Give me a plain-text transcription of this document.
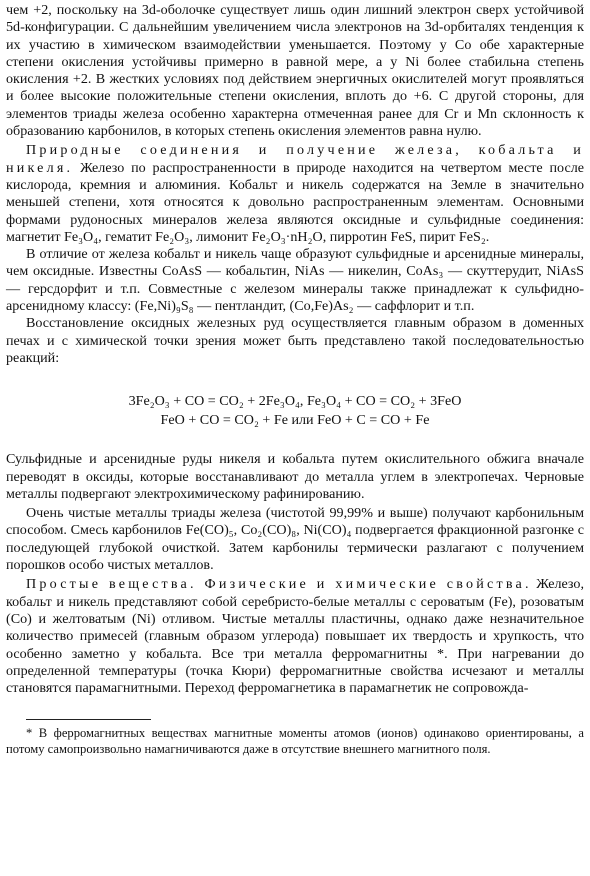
чем +2, поскольку на 3d-оболочке существует лишь один лишний электрон сверх устойчивой 5d-конфигурации. С дальнейшим увеличением числа электронов на 3d-орбиталях тенденция к их участию в химическом взаимодействии уменьшается. Поэтому у Co обе характерные степени окисления устойчивы примерно в равной мере, а у Ni более стабильна степень окисления +2. В жестких условиях под действием энергичных окислителей могут проявляться и более высокие положительные степени окисления, вплоть до +6. С другой стороны, для элементов триады железа особенно характерна отмеченная ранее для Cr и Mn склонность к образованию карбонилов, в которых степень окисления элементов равна нулю.

Природные соединения и получение железа, кобальта и никеля. Железо по распространенности в природе находится на четвертом месте после кислорода, кремния и алюминия. Кобальт и никель содержатся на Земле в значительно меньшей степени, хотя относятся к довольно распространенным элементам. Основными формами рудоносных минералов железа являются оксидные и сульфидные соединения: магнетит Fe₃O₄, гематит Fe₂O₃, лимонит Fe₂O₃·nH₂O, пирротин FeS, пирит FeS₂.

В отличие от железа кобальт и никель чаще образуют сульфидные и арсенидные минералы, чем оксидные. Известны CoAsS — кобальтин, NiAs — никелин, CoAs₃ — скуттерудит, NiAsS — герсдорфит и т.п. Совместные с железом минералы также принадлежат к сульфидно-арсенидному классу: (Fe,Ni)₉S₈ — пентландит, (Co,Fe)As₂ — саффлорит и т.п.

Восстановление оксидных железных руд осуществляется главным образом в доменных печах и с химической точки зрения может быть представлено такой последовательностью реакций:

3Fe₂O₃ + CO = CO₂ + 2Fe₃O₄, Fe₃O₄ + CO = CO₂ + 3FeO
FeO + CO = CO₂ + Fe или FeO + C = CO + Fe

Сульфидные и арсенидные руды никеля и кобальта путем окислительного обжига вначале переводят в оксиды, которые восстанавливают до металла углем в электропечах. Черновые металлы подвергают электрохимическому рафинированию.

Очень чистые металлы триады железа (чистотой 99,99% и выше) получают карбонильным способом. Смесь карбонилов Fe(CO)₅, Co₂(CO)₈, Ni(CO)₄ подвергается фракционной разгонке с последующей глубокой очисткой. Затем карбонилы термически разлагают с получением порошков особо чистых металлов.

Простые вещества. Физические и химические свойства. Железо, кобальт и никель представляют собой серебристо-белые металлы с сероватым (Fe), розоватым (Co) и желтоватым (Ni) отливом. Чистые металлы пластичны, однако даже незначительное количество примесей (главным образом углерода) повышает их твердость и хрупкость, что особенно заметно у кобальта. Все три металла ферромагнитны *. При нагревании до определенной температуры (точка Кюри) ферромагнитные свойства исчезают и металлы становятся парамагнитными. Переход ферромагнетика в парамагнетик не сопровожда-

* В ферромагнитных веществах магнитные моменты атомов (ионов) одинаково ориентированы, а потому самопроизвольно намагничиваются даже в отсутствие внешнего магнитного поля.
